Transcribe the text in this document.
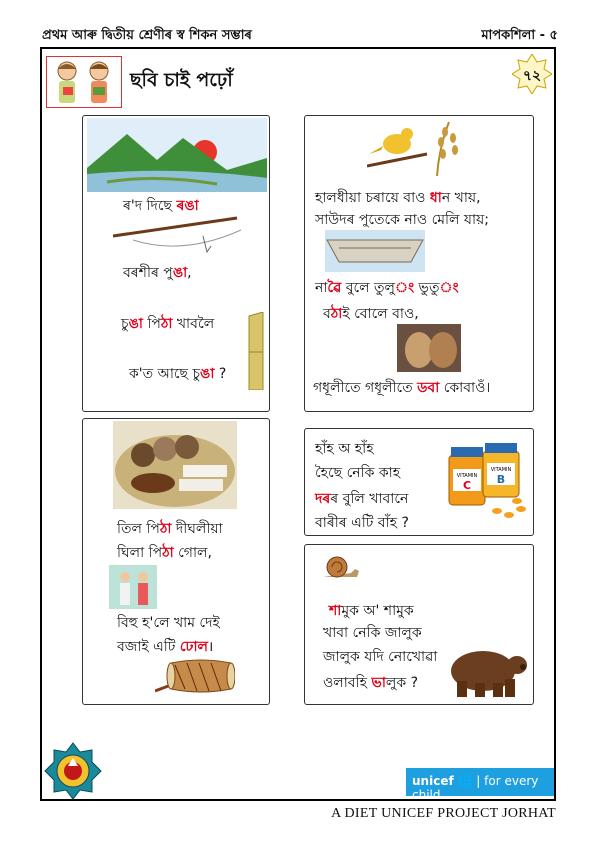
প্ৰথম আৰু দ্বিতীয় শ্ৰেণীৰ স্ব শিকন সম্ভাৰ	মাপকশিলা - ৫
ছবি চাই পঢ়োঁ	৭২
ৰ'দ দিছে ৰঙা
বৰশীৰ পুঙা,
চুঙা পিঠা খাবলৈ
ক'ত আছে চুঙা ?
হালধীয়া চৰায়ে বাও ধান খায়,
সাউদৰ পুতেকে নাও মেলি যায়;
নাৱৈ বুলে তুলুং ভুতুং
বঠাই বোলে বাও,
গধূলীতে গধূলীতে ডবা কোবাওঁ।
তিল পিঠা দীঘলীয়া
ঘিলা পিঠা গোল,
বিহু হ'লে খাম দেই
বজাই এটি ঢোল।
হাঁহ অ হাঁহ
হৈছে নেকি কাহ
দৰৰ বুলি খাবানে
বাৰীৰ এটি বাঁহ ?
VITAMIN
C
VITAMIN
B
শামুক অ' শামুক
খাবা নেকি জালুক
জালুক যদি নোখোৱা
ওলাবহি ভালুক ?
unicef 🌐 | for every child
A DIET UNICEF PROJECT JORHAT
